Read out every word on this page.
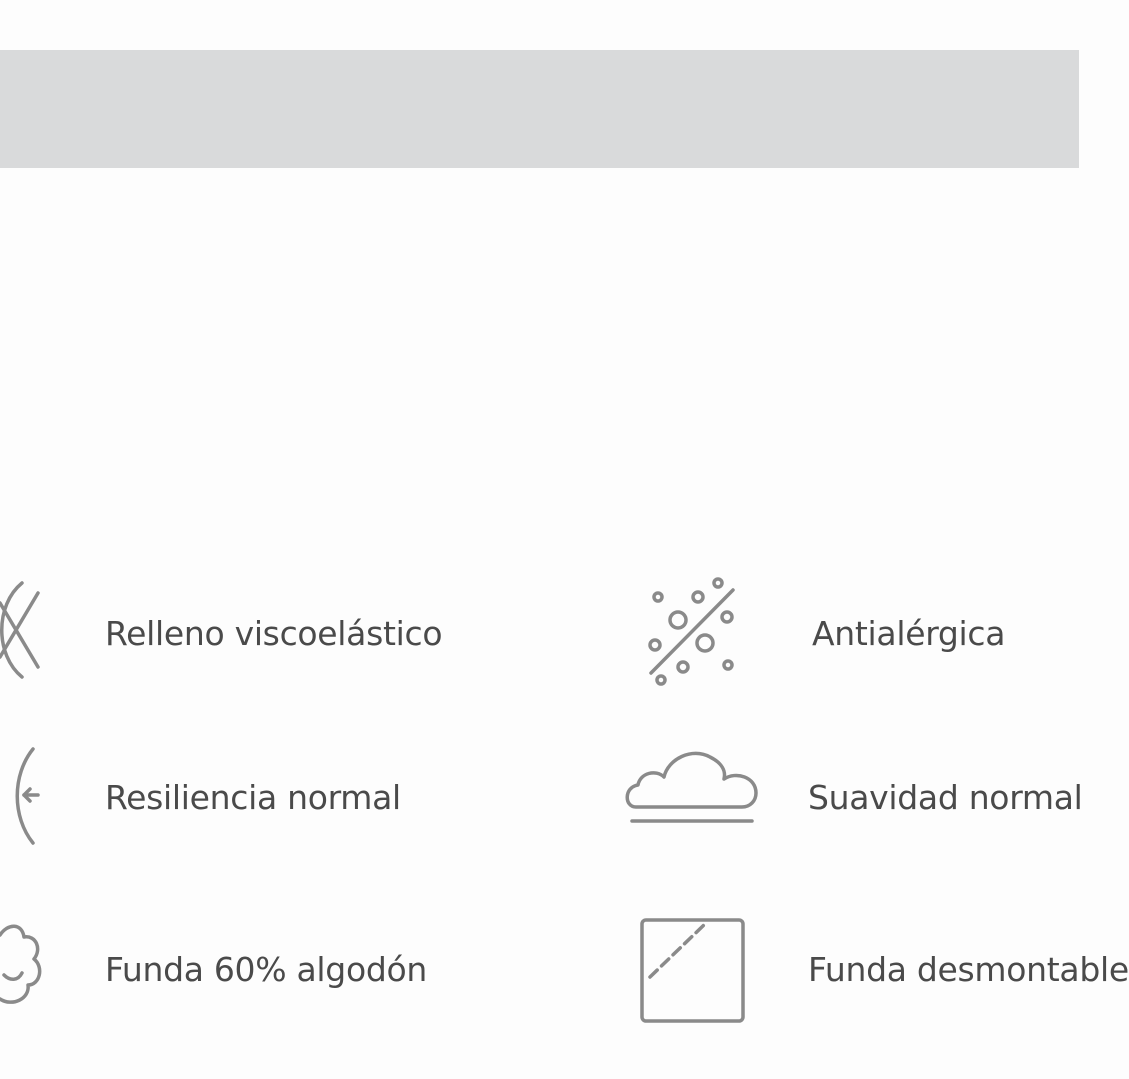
Relleno viscoelástico	Antialérgica
Resiliencia normal	Suavidad normal
Funda 60% algodón	Funda desmontable
